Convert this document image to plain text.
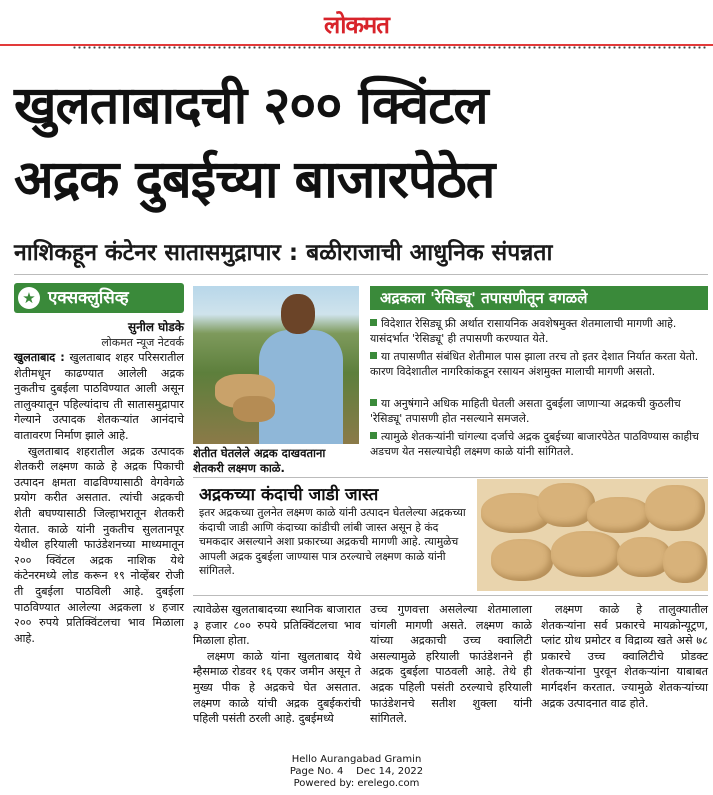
लोकमत
खुलताबादची २०० क्विंटल
अद्रक दुबईच्या बाजारपेठेत
नाशिकहून कंटेनर सातासमुद्रापार : बळीराजाची आधुनिक संपन्नता
★ एक्सक्लुसिव्ह
सुनील घोडके
लोकमत न्यूज नेटवर्क
खुलताबाद : खुलताबाद शहर परिसरातील शेतीमधून काढण्यात आलेली अद्रक नुकतीच दुबईला पाठविण्यात आली असून तालुक्यातून पहिल्यांदाच ती सातासमुद्रापार गेल्याने उत्पादक शेतकऱ्यांत आनंदाचे वातावरण निर्माण झाले आहे.
खुलताबाद शहरातील अद्रक उत्पादक शेतकरी लक्ष्मण काळे हे अद्रक पिकाची उत्पादन क्षमता वाढविण्यासाठी वेगवेगळे प्रयोग करीत असतात. त्यांची अद्रकची शेती बघण्यासाठी जिल्हाभरातून शेतकरी येतात. काळे यांनी नुकतीच सुलतानपूर येथील हरियाली फाउंडेशनच्या माध्यमातून २०० क्विंटल अद्रक नाशिक येथे कंटेनरमध्ये लोड करून १९ नोव्हेंबर रोजी ती दुबईला पाठविली आहे. दुबईला पाठविण्यात आलेल्या अद्रकला ४ हजार २०० रुपये प्रतिक्विंटलचा भाव मिळाला आहे.
शेतीत घेतलेले अद्रक दाखवताना शेतकरी लक्ष्मण काळे.
अद्रकला 'रेसिड्यू' तपासणीतून वगळले
विदेशात रेसिड्यू फ्री अर्थात रासायनिक अवशेषमुक्त शेतमालाची मागणी आहे. यासंदर्भात 'रेसिड्यू' ही तपासणी करण्यात येते.
या तपासणीत संबंधित शेतीमाल पास झाला तरच तो इतर देशात निर्यात करता येतो. कारण विदेशातील नागरिकांकडून रसायन अंशमुक्त मालाची मागणी असतो.
या अनुषंगाने अधिक माहिती घेतली असता दुबईला जाणाऱ्या अद्रकची कुठलीच 'रेसिड्यू' तपासणी होत नसल्याने समजले.
त्यामुळे शेतकऱ्यांनी चांगल्या दर्जाचे अद्रक दुबईच्या बाजारपेठेत पाठविण्यास काहीच अडचण येत नसल्याचेही लक्ष्मण काळे यांनी सांगितले.
अद्रकच्या कंदाची जाडी जास्त
इतर अद्रकच्या तुलनेत लक्ष्मण काळे यांनी उत्पादन घेतलेल्या अद्रकच्या कंदाची जाडी आणि कंदाच्या कांडीची लांबी जास्त असून हे कंद चमकदार असल्याने अशा प्रकारच्या अद्रकची मागणी आहे. त्यामुळेच आपली अद्रक दुबईला जाण्यास पात्र ठरल्याचे लक्ष्मण काळे यांनी सांगितले.
त्यावेळेस खुलताबादच्या स्थानिक बाजारात ३ हजार ८०० रुपये प्रतिक्विंटलचा भाव मिळाला होता.
लक्ष्मण काळे यांना खुलताबाद येथे म्हैसमाळ रोडवर १६ एकर जमीन असून ते मुख्य पीक हे अद्रकचे घेत असतात. लक्ष्मण काळे यांची अद्रक दुबईकरांची पहिली पसंती ठरली आहे. दुबईमध्ये
उच्च गुणवत्ता असलेल्या शेतमालाला चांगली मागणी असते. लक्ष्मण काळे यांच्या अद्रकाची उच्च क्वालिटी असल्यामुळे हरियाली फाउंडेशनने ही अद्रक दुबईला पाठवली आहे. तेथे ही अद्रक पहिली पसंती ठरल्याचे हरियाली फाउंडेशनचे सतीश शुक्ला यांनी सांगितले.
लक्ष्मण काळे हे तालुक्यातील शेतकऱ्यांना सर्व प्रकारचे मायक्रोन्यूट्रण, प्लांट ग्रोथ प्रमोटर व विद्राव्य खते असे ७८ प्रकारचे उच्च क्वालिटीचे प्रोडक्ट शेतकऱ्यांना पुरवून शेतकऱ्यांना याबाबत मार्गदर्शन करतात. ज्यामुळे शेतकऱ्यांच्या अद्रक उत्पादनात वाढ होते.
Hello Aurangabad Gramin
Page No. 4    Dec 14, 2022
Powered by: erelego.com
